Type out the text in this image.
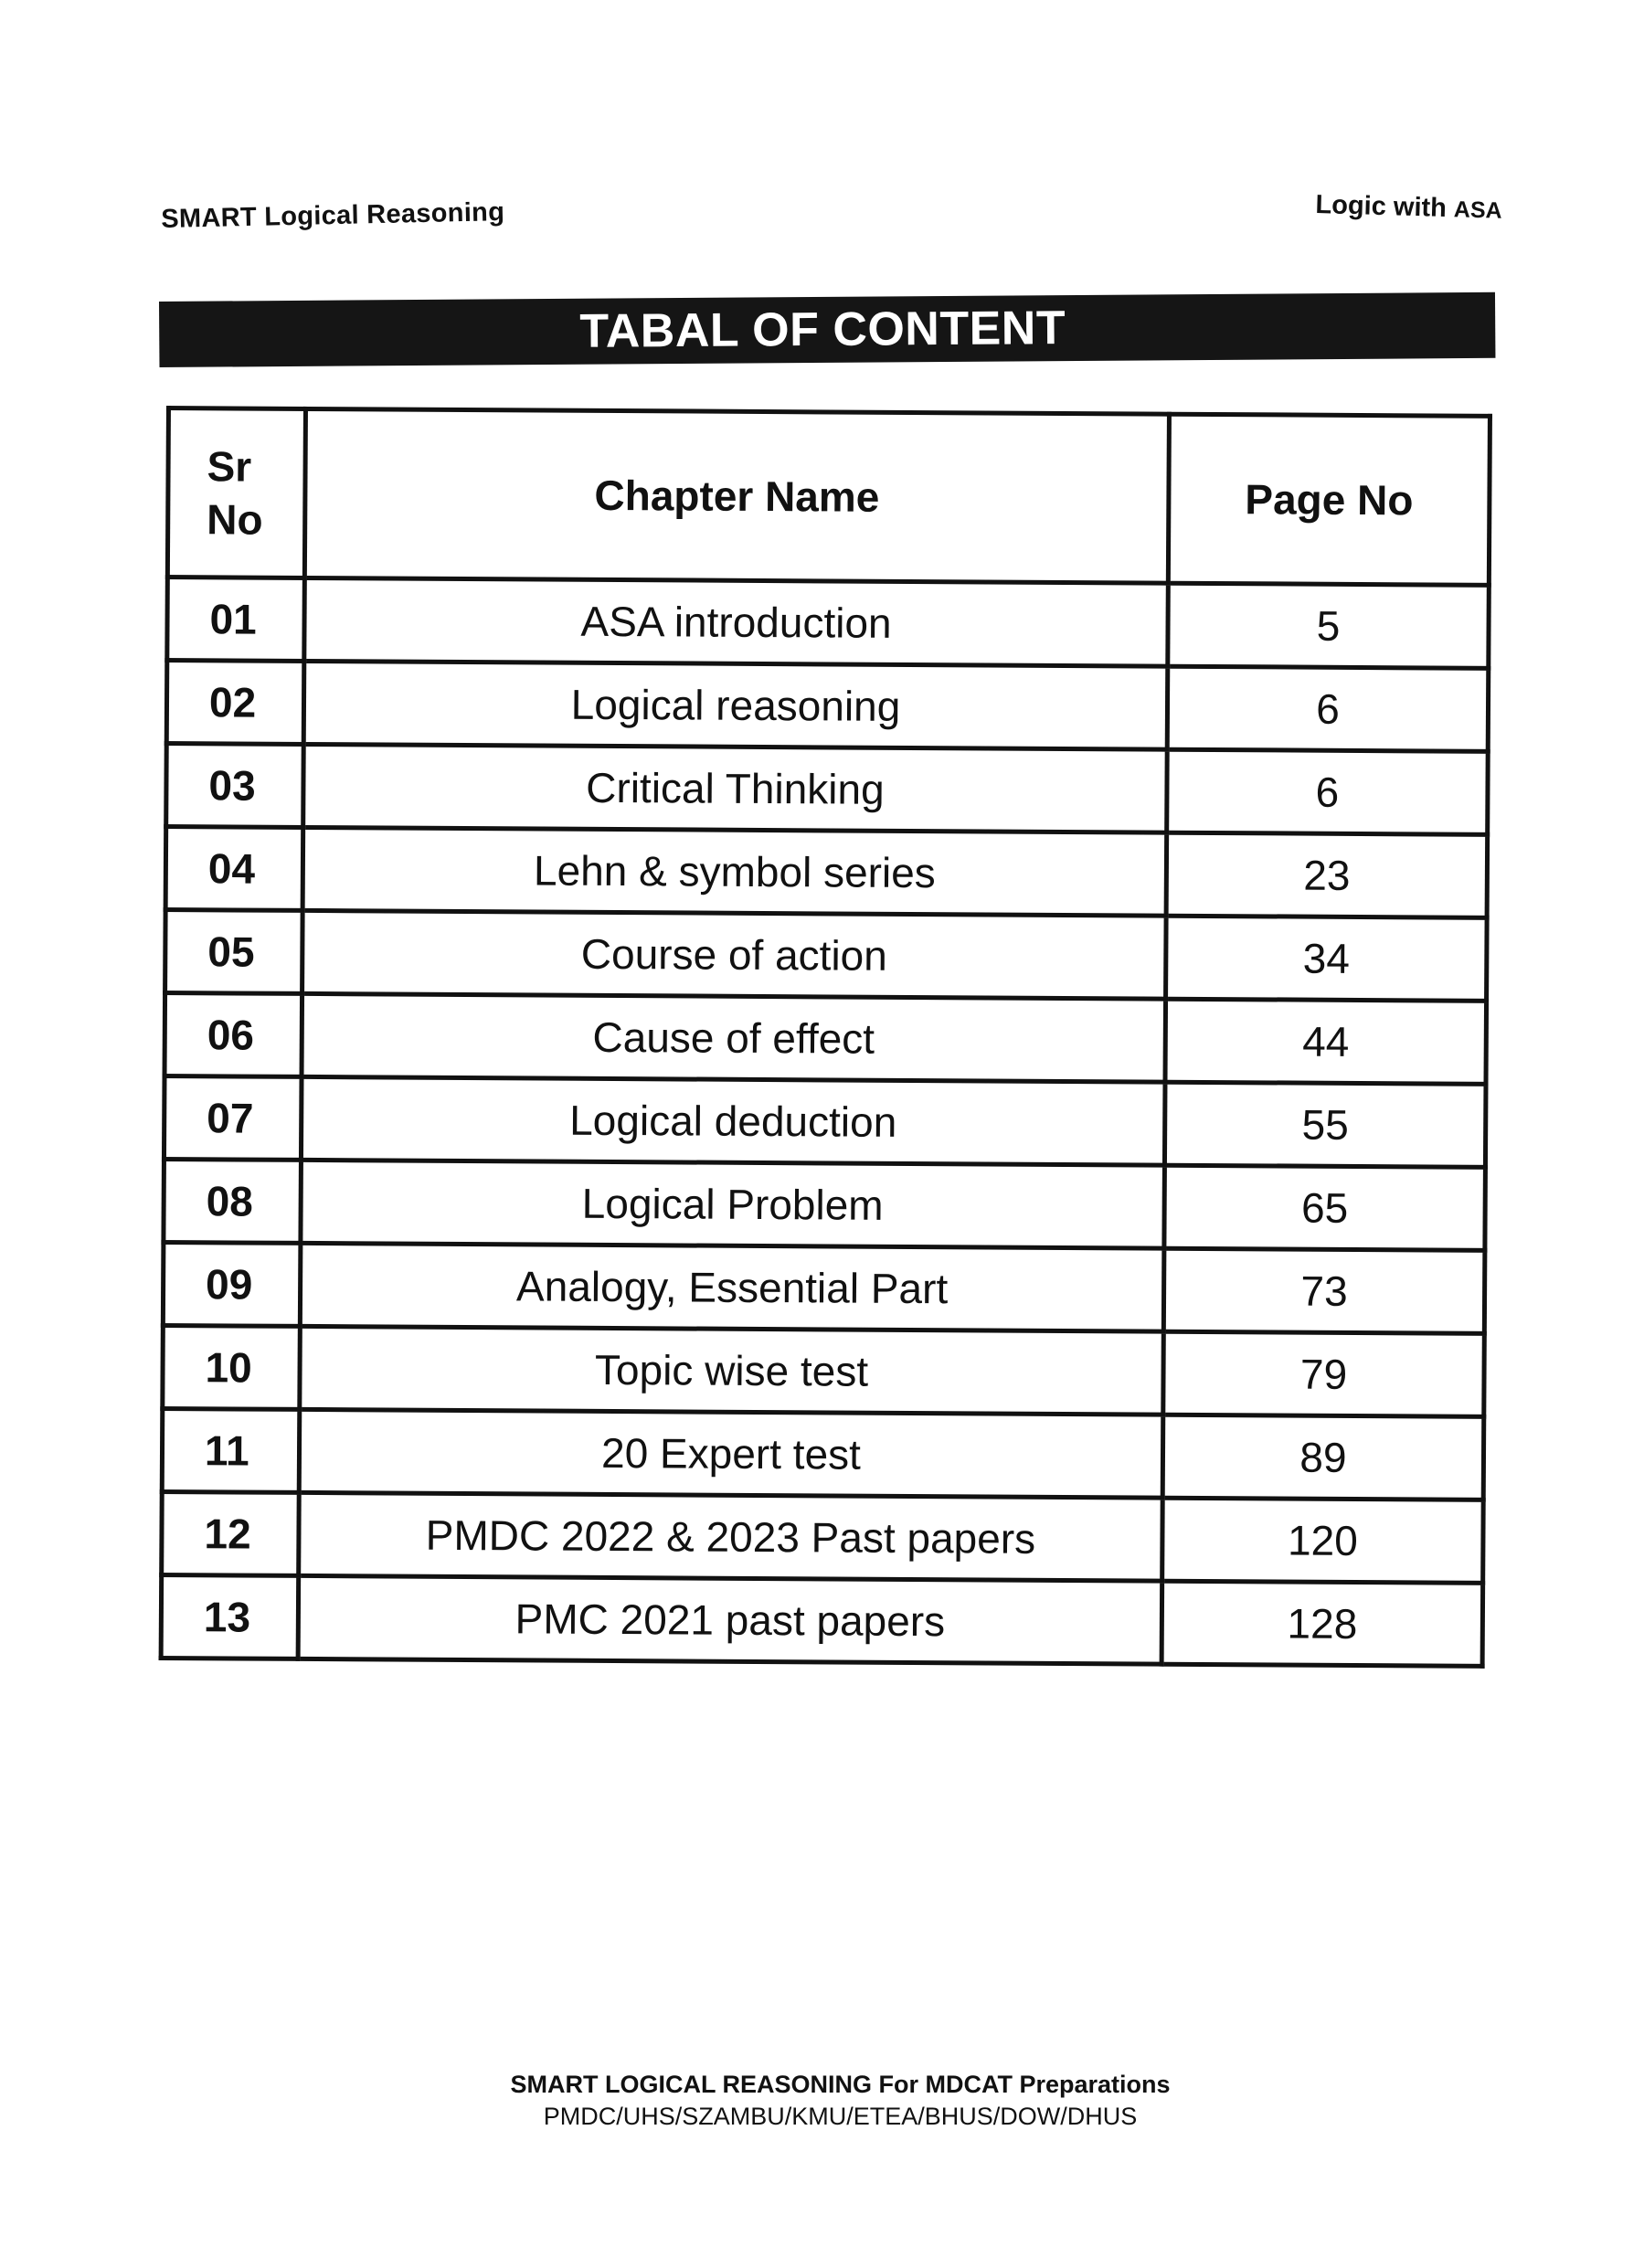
SMART Logical Reasoning	Logic with ASA
TABAL OF CONTENT
Sr
No	Chapter Name	Page No
01	ASA introduction	5
02	Logical reasoning	6
03	Critical Thinking	6
04	Lehn & symbol series	23
05	Course of action	34
06	Cause of effect	44
07	Logical deduction	55
08	Logical Problem	65
09	Analogy, Essential Part	73
10	Topic wise test	79
11	20 Expert test	89
12	PMDC 2022 & 2023 Past papers	120
13	PMC 2021 past papers	128
SMART LOGICAL REASONING For MDCAT Preparations
PMDC/UHS/SZAMBU/KMU/ETEA/BHUS/DOW/DHUS
